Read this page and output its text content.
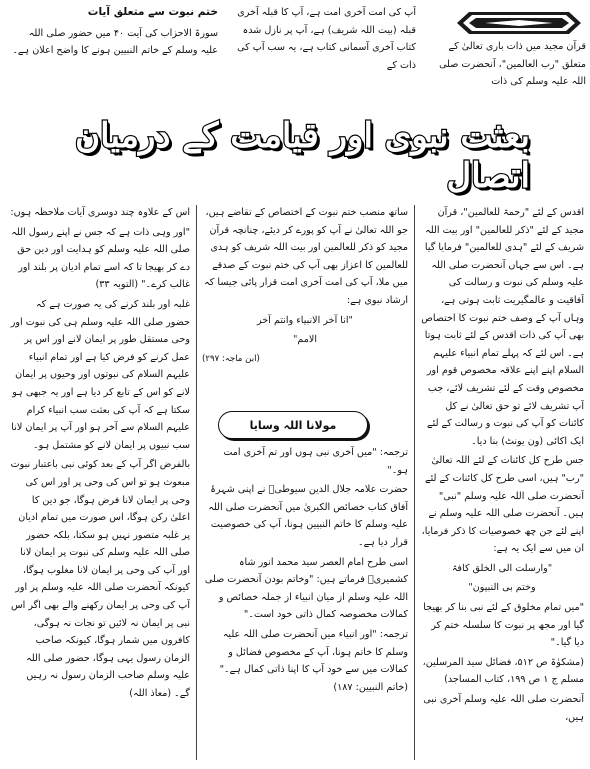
قرآن مجید میں ذات باری تعالیٰ کے متعلق "رب العالمین"، آنحضرت صلی اللہ علیہ وسلم کی ذات

آپ کی امت آخری امت ہے، آپ کا قبلہ آخری قبلہ (بیت اللہ شریف) ہے، آپ پر نازل شدہ کتاب آخری آسمانی کتاب ہے، یہ سب آپ کی ذات کے

ختم نبوت سے متعلق آیات

سورۃ الاحزاب کی آیت ۴۰ میں حضور صلی اللہ علیہ وسلم کے خاتم النبیین ہونے کا واضح اعلان ہے۔

بعثت نبوی اور قیامت کے درمیان اتصال

اقدس کے لئے "رحمۃ للعالمین"، قرآن مجید کے لئے "ذکر للعالمین" اور بیت اللہ شریف کے لئے "ہدی للعالمین" فرمایا گیا ہے۔ اس سے جہاں آنحضرت صلی اللہ علیہ وسلم کی نبوت و رسالت کی آفاقیت و عالمگیریت ثابت ہوتی ہے، وہاں آپ کے وصف ختم نبوت کا اختصاص بھی آپ کی ذات اقدس کے لئے ثابت ہوتا ہے۔ اس لئے کہ پہلے تمام انبیاء علیہم السلام اپنے اپنے علاقہ مخصوص قوم اور مخصوص وقت کے لئے تشریف لائے، جب آپ تشریف لائے تو حق تعالیٰ نے کل کائنات کو آپ کی نبوت و رسالت کے لئے ایک اکائی (ون یونٹ) بنا دیا۔

جس طرح کل کائنات کے لئے اللہ تعالیٰ "رب" ہیں، اسی طرح کل کائنات کے لئے آنحضرت صلی اللہ علیہ وسلم "نبی" ہیں۔ آنحضرت صلی اللہ علیہ وسلم نے اپنے لئے جن چھ خصوصیات کا ذکر فرمایا، ان میں سے ایک یہ ہے:

"وارسلت الی الخلق کافۃ

وختم بی النبیون"

"میں تمام مخلوق کے لئے نبی بنا کر بھیجا گیا اور مجھ پر نبوت کا سلسلہ ختم کر دیا گیا۔"

(مشکوٰۃ ص ۵۱۲، فضائل سید المرسلین، مسلم ج ۱ ص ۱۹۹، کتاب المساجد)

آنحضرت صلی اللہ علیہ وسلم آخری نبی ہیں،

ساتھ منصب ختم نبوت کے اختصاص کے تقاضے ہیں، جو اللہ تعالیٰ نے آپ کو پورے کر دیئے، چنانچہ قرآن مجید کو ذکر للعالمین اور بیت اللہ شریف کو ہدی للعالمین کا اعزاز بھی آپ کی ختم نبوت کے صدقے میں ملا، آپ کی امت آخری امت قرار پائی جیسا کہ ارشاد نبوی ہے:

"انا آخر الانبیاء وانتم آخر

الامم"

(ابن ماجہ: ۲۹۷)

مولانا اللہ وسایا

ترجمہ: "میں آخری نبی ہوں اور تم آخری امت ہو۔"

حضرت علامہ جلال الدین سیوطیؒ نے اپنی شہرۂ آفاق کتاب خصائص الکبریٰ میں آنحضرت صلی اللہ علیہ وسلم کا خاتم النبیین ہونا، آپ کی خصوصیت قرار دیا ہے۔

اسی طرح امام العصر سید محمد انور شاہ کشمیریؒ فرماتے ہیں: "وخاتم بودن آنحضرت صلی اللہ علیہ وسلم از میان انبیاء از جملہ خصائص و کمالات مخصوصہ کمال ذاتی خود است۔"

ترجمہ: "اور انبیاء میں آنحضرت صلی اللہ علیہ وسلم کا خاتم ہونا، آپ کے مخصوص فضائل و کمالات میں سے خود آپ کا اپنا ذاتی کمال ہے۔" (خاتم النبیین: ۱۸۷)

اس کے علاوہ چند دوسری آیات ملاحظہ ہوں:

"اور وہی ذات ہے کہ جس نے اپنے رسول اللہ صلی اللہ علیہ وسلم کو ہدایت اور دین حق دے کر بھیجا تا کہ اسے تمام ادیان پر بلند اور غالب کرے۔" (التوبہ ۳۳)

غلبہ اور بلند کرنے کی یہ صورت ہے کہ حضور صلی اللہ علیہ وسلم ہی کی نبوت اور وحی مستقل طور پر ایمان لانے اور اس پر عمل کرنے کو فرض کیا ہے اور تمام انبیاء علیہم السلام کی نبوتوں اور وحیوں پر ایمان لانے کو اس کے تابع کر دیا ہے اور یہ جبھی ہو سکتا ہے کہ آپ کی بعثت سب انبیاء کرام علیہم السلام سے آخر ہو اور آپ پر ایمان لانا سب نبیوں پر ایمان لانے کو مشتمل ہو۔

بالفرض اگر آپ کے بعد کوئی نبی باعتبار نبوت مبعوث ہو تو اس کی وحی پر اور اس کی وحی پر ایمان لانا فرض ہوگا، جو دین کا اعلیٰ رکن ہوگا، اس صورت میں تمام ادیان پر غلبہ متصور نہیں ہو سکتا، بلکہ حضور صلی اللہ علیہ وسلم کی نبوت پر ایمان لانا اور آپ کی وحی پر ایمان لانا مغلوب ہوگا، کیونکہ آنحضرت صلی اللہ علیہ وسلم پر اور آپ کی وحی پر ایمان رکھنے والے بھی اگر اس نبی پر ایمان نہ لائیں تو نجات نہ ہوگی، کافروں میں شمار ہوگا، کیونکہ صاحب الزمان رسول یہی ہوگا، حضور صلی اللہ علیہ وسلم صاحب الزمان رسول نہ رہیں گے۔ (معاذ اللہ)
